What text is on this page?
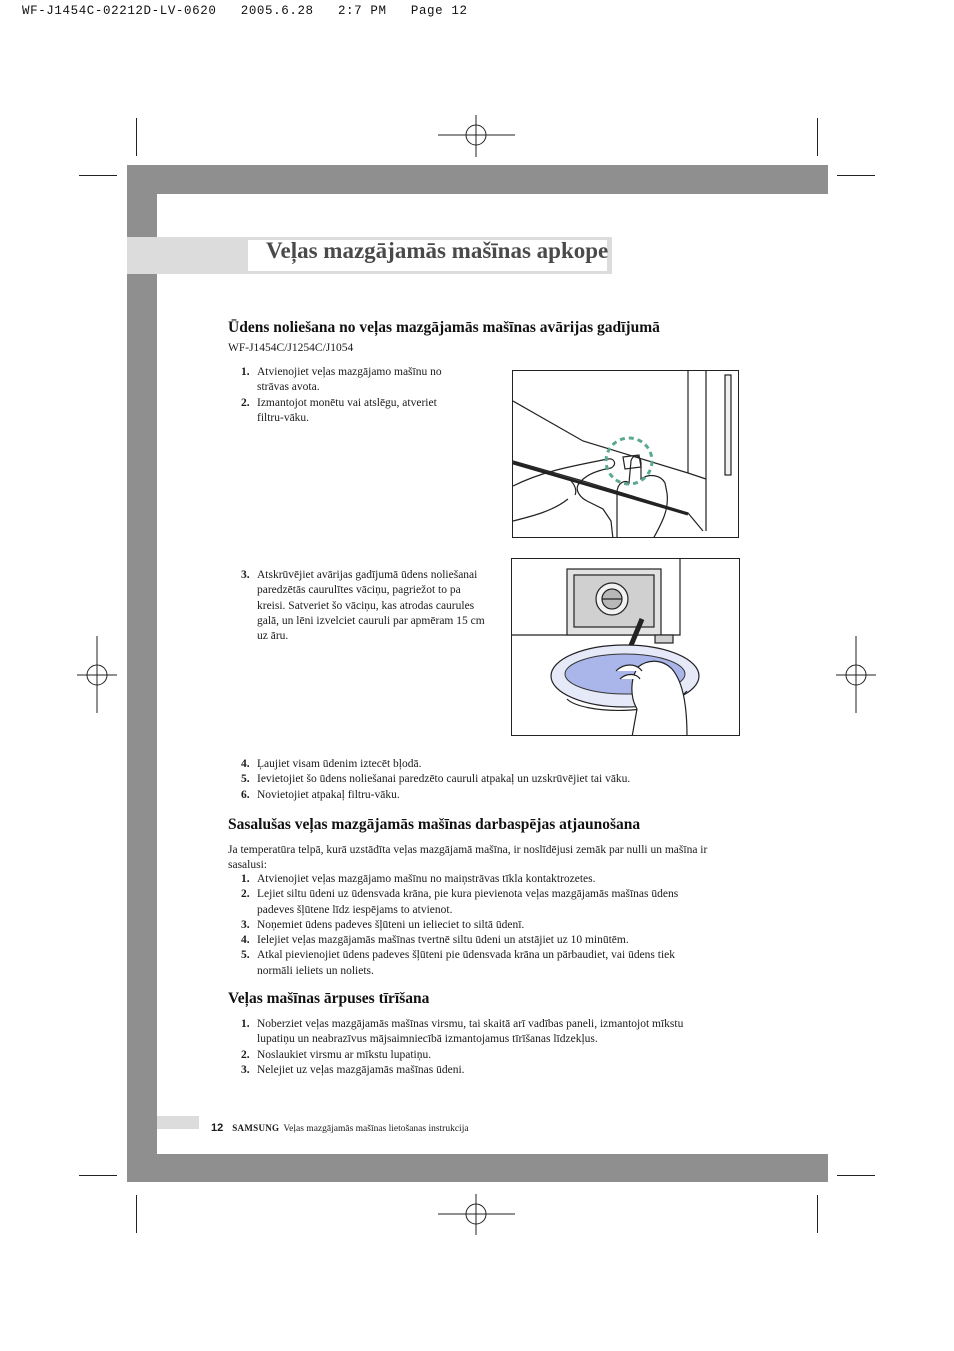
WF-J1454C-02212D-LV-0620   2005.6.28   2:7 PM   Page 12
Veļas mazgājamās mašīnas apkope
Ūdens noliešana no veļas mazgājamās mašīnas avārijas gadījumā
WF-J1454C/J1254C/J1054
1. Atvienojiet veļas mazgājamo mašīnu no strāvas avota.
2. Izmantojot monētu vai atslēgu, atveriet filtru-vāku.
3. Atskrūvējiet avārijas gadījumā ūdens noliešanai paredzētās caurulītes vāciņu, pagriežot to pa kreisi. Satveriet šo vāciņu, kas atrodas caurules galā, un lēni izvelciet cauruli par apmēram 15 cm uz āru.
4. Ļaujiet visam ūdenim iztecēt bļodā.
5. Ievietojiet šo ūdens noliešanai paredzēto cauruli atpakaļ un uzskrūvējiet tai vāku.
6. Novietojiet atpakaļ filtru-vāku.
Sasalušas veļas mazgājamās mašīnas darbaspējas atjaunošana
Ja temperatūra telpā, kurā uzstādīta veļas mazgājamā mašīna, ir noslīdējusi zemāk par nulli un mašīna ir sasalusi:
1. Atvienojiet veļas mazgājamo mašīnu no maiņstrāvas tīkla kontaktrozetes.
2. Lejiet siltu ūdeni uz ūdensvada krāna, pie kura pievienota veļas mazgājamās mašīnas ūdens padeves šļūtene līdz iespējams to atvienot.
3. Noņemiet ūdens padeves šļūteni un ielieciet to siltā ūdenī.
4. Ielejiet veļas mazgājamās mašīnas tvertnē siltu ūdeni un atstājiet uz 10 minūtēm.
5. Atkal pievienojiet ūdens padeves šļūteni pie ūdensvada krāna un pārbaudiet, vai ūdens tiek normāli ieliets un noliets.
Veļas mašīnas ārpuses tīrīšana
1. Noberziet veļas mazgājamās mašīnas virsmu, tai skaitā arī vadības paneli, izmantojot mīkstu lupatiņu un neabrazīvus mājsaimniecībā izmantojamus tīrīšanas līdzekļus.
2. Noslaukiet virsmu ar mīkstu lupatiņu.
3. Nelejiet uz veļas mazgājamās mašīnas ūdeni.
12 SAMSUNG Veļas mazgājamās mašīnas lietošanas instrukcija
